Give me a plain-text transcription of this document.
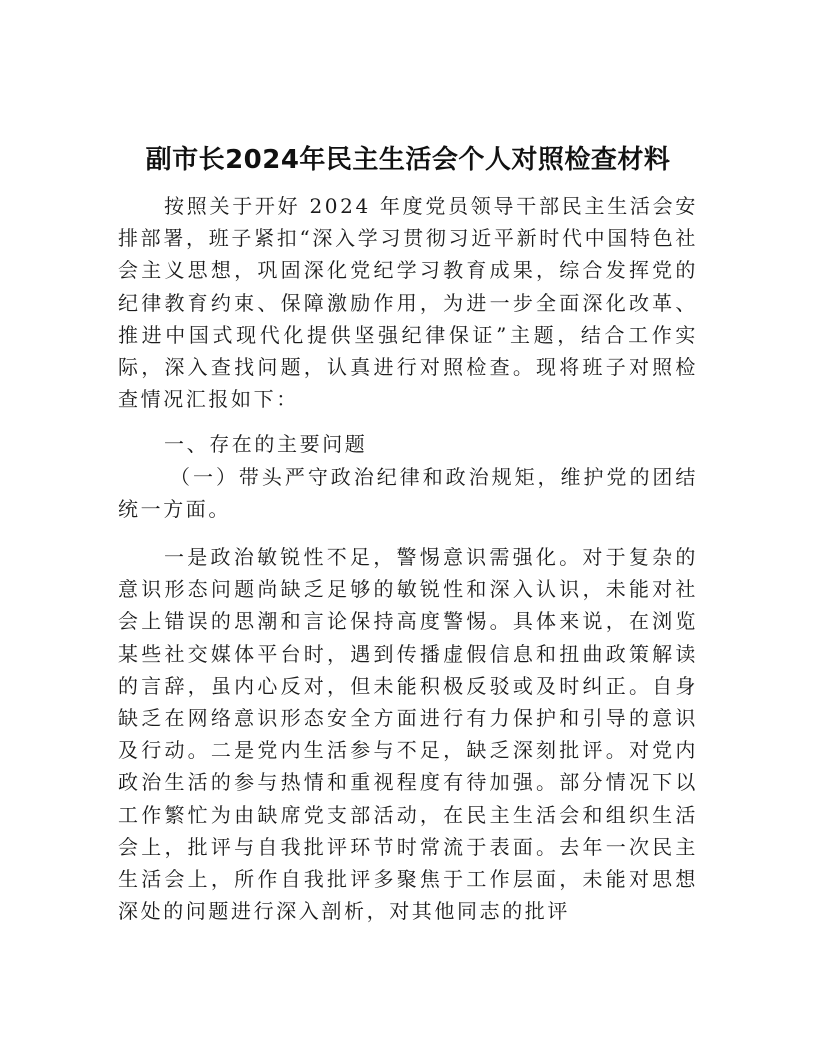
副市长2024年民主生活会个人对照检查材料

按照关于开好 2024 年度党员领导干部民主生活会安排部署，班子紧扣“深入学习贯彻习近平新时代中国特色社会主义思想，巩固深化党纪学习教育成果，综合发挥党的纪律教育约束、保障激励作用，为进一步全面深化改革、推进中国式现代化提供坚强纪律保证”主题，结合工作实际，深入查找问题，认真进行对照检查。现将班子对照检查情况汇报如下：

一、存在的主要问题

（一）带头严守政治纪律和政治规矩，维护党的团结统一方面。

一是政治敏锐性不足，警惕意识需强化。对于复杂的意识形态问题尚缺乏足够的敏锐性和深入认识，未能对社会上错误的思潮和言论保持高度警惕。具体来说，在浏览某些社交媒体平台时，遇到传播虚假信息和扭曲政策解读的言辞，虽内心反对，但未能积极反驳或及时纠正。自身缺乏在网络意识形态安全方面进行有力保护和引导的意识及行动。二是党内生活参与不足，缺乏深刻批评。对党内政治生活的参与热情和重视程度有待加强。部分情况下以工作繁忙为由缺席党支部活动，在民主生活会和组织生活会上，批评与自我批评环节时常流于表面。去年一次民主生活会上，所作自我批评多聚焦于工作层面，未能对思想深处的问题进行深入剖析，对其他同志的批评
